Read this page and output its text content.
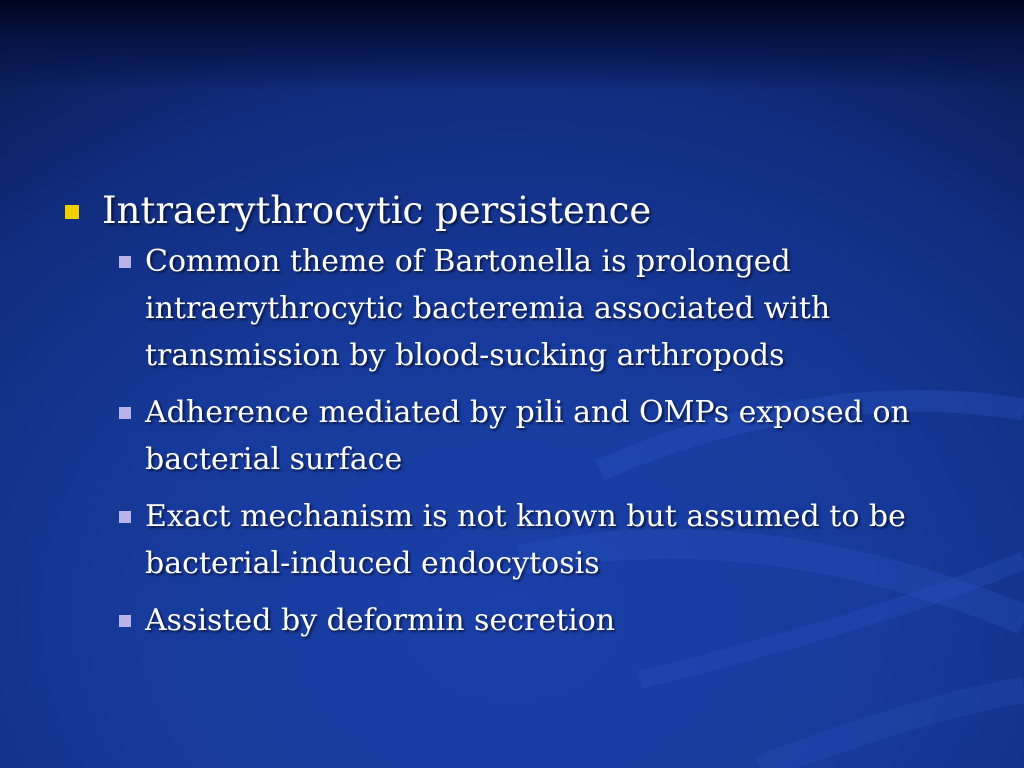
Intraerythrocytic persistence
Common theme of Bartonella is prolonged intraerythrocytic bacteremia associated with transmission by blood-sucking arthropods
Adherence mediated by pili and OMPs exposed on bacterial surface
Exact mechanism is not known but assumed to be bacterial-induced endocytosis
Assisted by deformin secretion
